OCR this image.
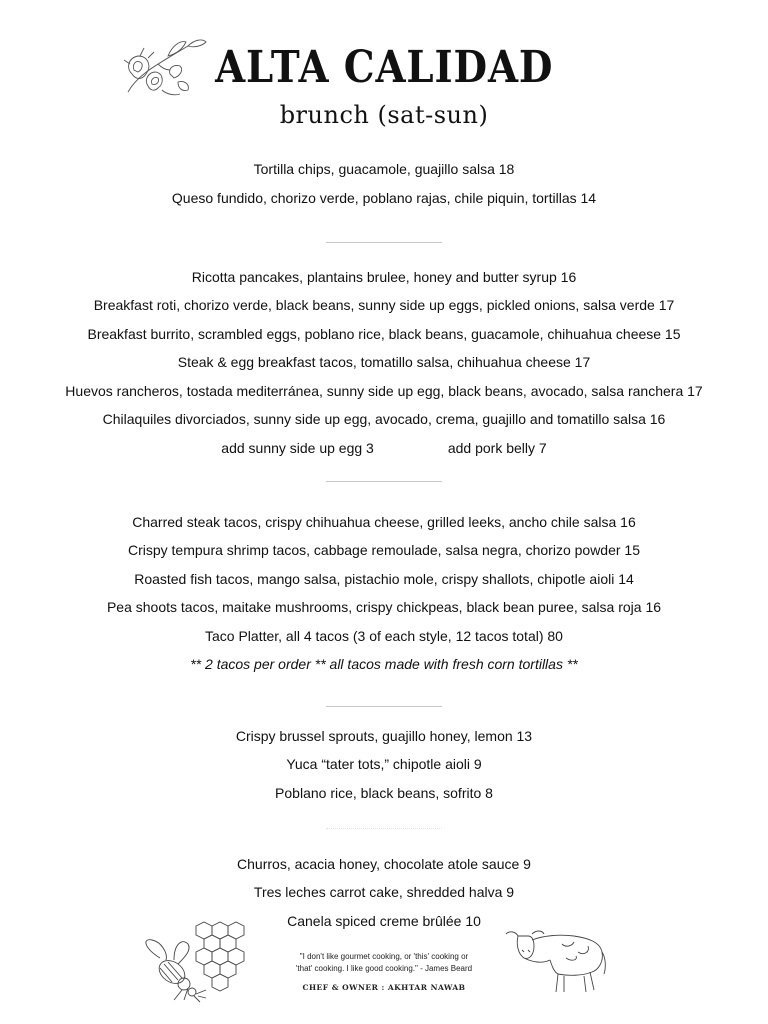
ALTA CALIDAD
brunch (sat-sun)
Tortilla chips, guacamole, guajillo salsa 18
Queso fundido, chorizo verde, poblano rajas, chile piquin, tortillas 14
Ricotta pancakes, plantains brulee, honey and butter syrup 16
Breakfast roti, chorizo verde, black beans, sunny side up eggs, pickled onions, salsa verde 17
Breakfast burrito, scrambled eggs, poblano rice, black beans, guacamole, chihuahua cheese 15
Steak & egg breakfast tacos, tomatillo salsa, chihuahua cheese 17
Huevos rancheros, tostada mediterránea, sunny side up egg, black beans, avocado, salsa ranchera 17
Chilaquiles divorciados, sunny side up egg, avocado, crema, guajillo and tomatillo salsa 16
add sunny side up egg 3	add pork belly 7
Charred steak tacos, crispy chihuahua cheese, grilled leeks, ancho chile salsa 16
Crispy tempura shrimp tacos, cabbage remoulade, salsa negra, chorizo powder 15
Roasted fish tacos, mango salsa, pistachio mole, crispy shallots, chipotle aioli 14
Pea shoots tacos, maitake mushrooms, crispy chickpeas, black bean puree, salsa roja 16
Taco Platter, all 4 tacos (3 of each style, 12 tacos total) 80
** 2 tacos per order ** all tacos made with fresh corn tortillas **
Crispy brussel sprouts, guajillo honey, lemon 13
Yuca “tater tots,” chipotle aioli 9
Poblano rice, black beans, sofrito 8
Churros, acacia honey, chocolate atole sauce 9
Tres leches carrot cake, shredded halva 9
Canela spiced creme brûlée 10
"I don't like gourmet cooking, or 'this' cooking or
'that' cooking. I like good cooking." - James Beard
CHEF & OWNER : AKHTAR NAWAB
